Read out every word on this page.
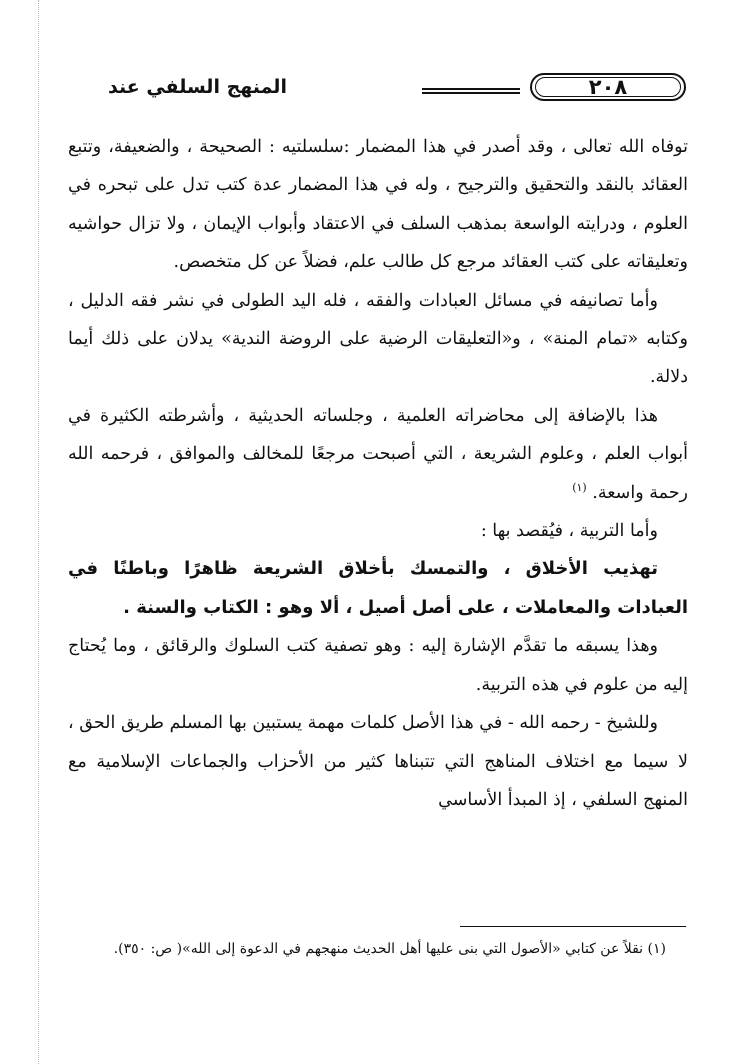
٢٠٨
المنهج السلفي عند

توفاه الله تعالى ، وقد أصدر في هذا المضمار :سلسلتيه : الصحيحة ، والضعيفة، وتتبع العقائد بالنقد والتحقيق والترجيح ، وله في هذا المضمار عدة كتب تدل على تبحره في العلوم ، ودرايته الواسعة بمذهب السلف في الاعتقاد وأبواب الإيمان ، ولا تزال حواشيه وتعليقاته على كتب العقائد مرجع كل طالب علم، فضلاً عن كل متخصص.

وأما تصانيفه في مسائل العبادات والفقه ، فله اليد الطولى في نشر فقه الدليل ، وكتابه «تمام المنة» ، و«التعليقات الرضية على الروضة الندية» يدلان على ذلك أيما دلالة.

هذا بالإضافة إلى محاضراته العلمية ، وجلساته الحديثية ، وأشرطته الكثيرة في أبواب العلم ، وعلوم الشريعة ، التي أصبحت مرجعًا للمخالف والموافق ، فرحمه الله رحمة واسعة. $^{(١)}$

وأما التربية ، فيُقصد بها :

تهذيب الأخلاق ، والتمسك بأخلاق الشريعة ظاهرًا وباطنًا في العبادات والمعاملات ، على أصل أصيل ، ألا وهو : الكتاب والسنة .

وهذا يسبقه ما تقدَّم الإشارة إليه : وهو تصفية كتب السلوك والرقائق ، وما يُحتاج إليه من علوم في هذه التربية.

وللشيخ - رحمه الله - في هذا الأصل كلمات مهمة يستبين بها المسلم طريق الحق ، لا سيما مع اختلاف المناهج التي تتبناها كثير من الأحزاب والجماعات الإسلامية مع المنهج السلفي ، إذ المبدأ الأساسي

(١) نقلاً عن كتابي «الأصول التي بنى عليها أهل الحديث منهجهم في الدعوة إلى الله»( ص: ٣٥٠).
